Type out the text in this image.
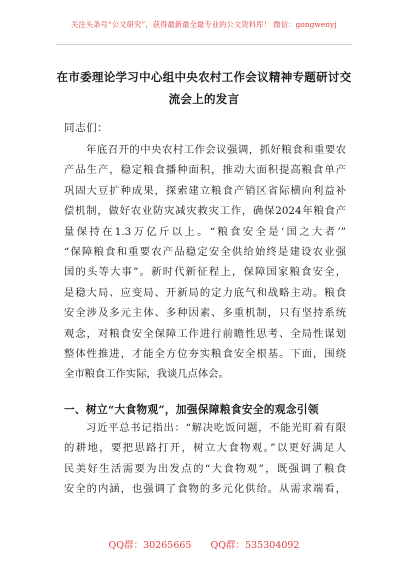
关注头条号“公文研究”，获得最新最全最专业的公文资料库！ 微信：gongwenyj
在市委理论学习中心组中央农村工作会议精神专题研讨交
流会上的发言
同志们：
年底召开的中央农村工作会议强调，抓好粮食和重要农
产品生产，稳定粮食播种面积，推动大面积提高粮食单产
巩固大豆扩种成果，探索建立粮食产销区省际横向利益补
偿机制，做好农业防灾减灾救灾工作，确保2024年粮食产
量保持在1.3万亿斤以上。“粮食安全是‘国之大者’”
“保障粮食和重要农产品稳定安全供给始终是建设农业强
国的头等大事”。新时代新征程上，保障国家粮食安全，
是稳大局、应变局、开新局的定力底气和战略主动。粮食
安全涉及多元主体、多种因素、多重机制，只有坚持系统
观念，对粮食安全保障工作进行前瞻性思考、全局性谋划
整体性推进，才能全方位夯实粮食安全根基。下面，围绕
全市粮食工作实际，我谈几点体会。
一、树立“大食物观”，加强保障粮食安全的观念引领
习近平总书记指出：“解决吃饭问题，不能光盯着有限
的耕地，要把思路打开，树立大食物观。”以更好满足人
民美好生活需要为出发点的“大食物观”，既强调了粮食
安全的内涵，也强调了食物的多元化供给。从需求端看，
QQ群：30265665 QQ群：535304092
